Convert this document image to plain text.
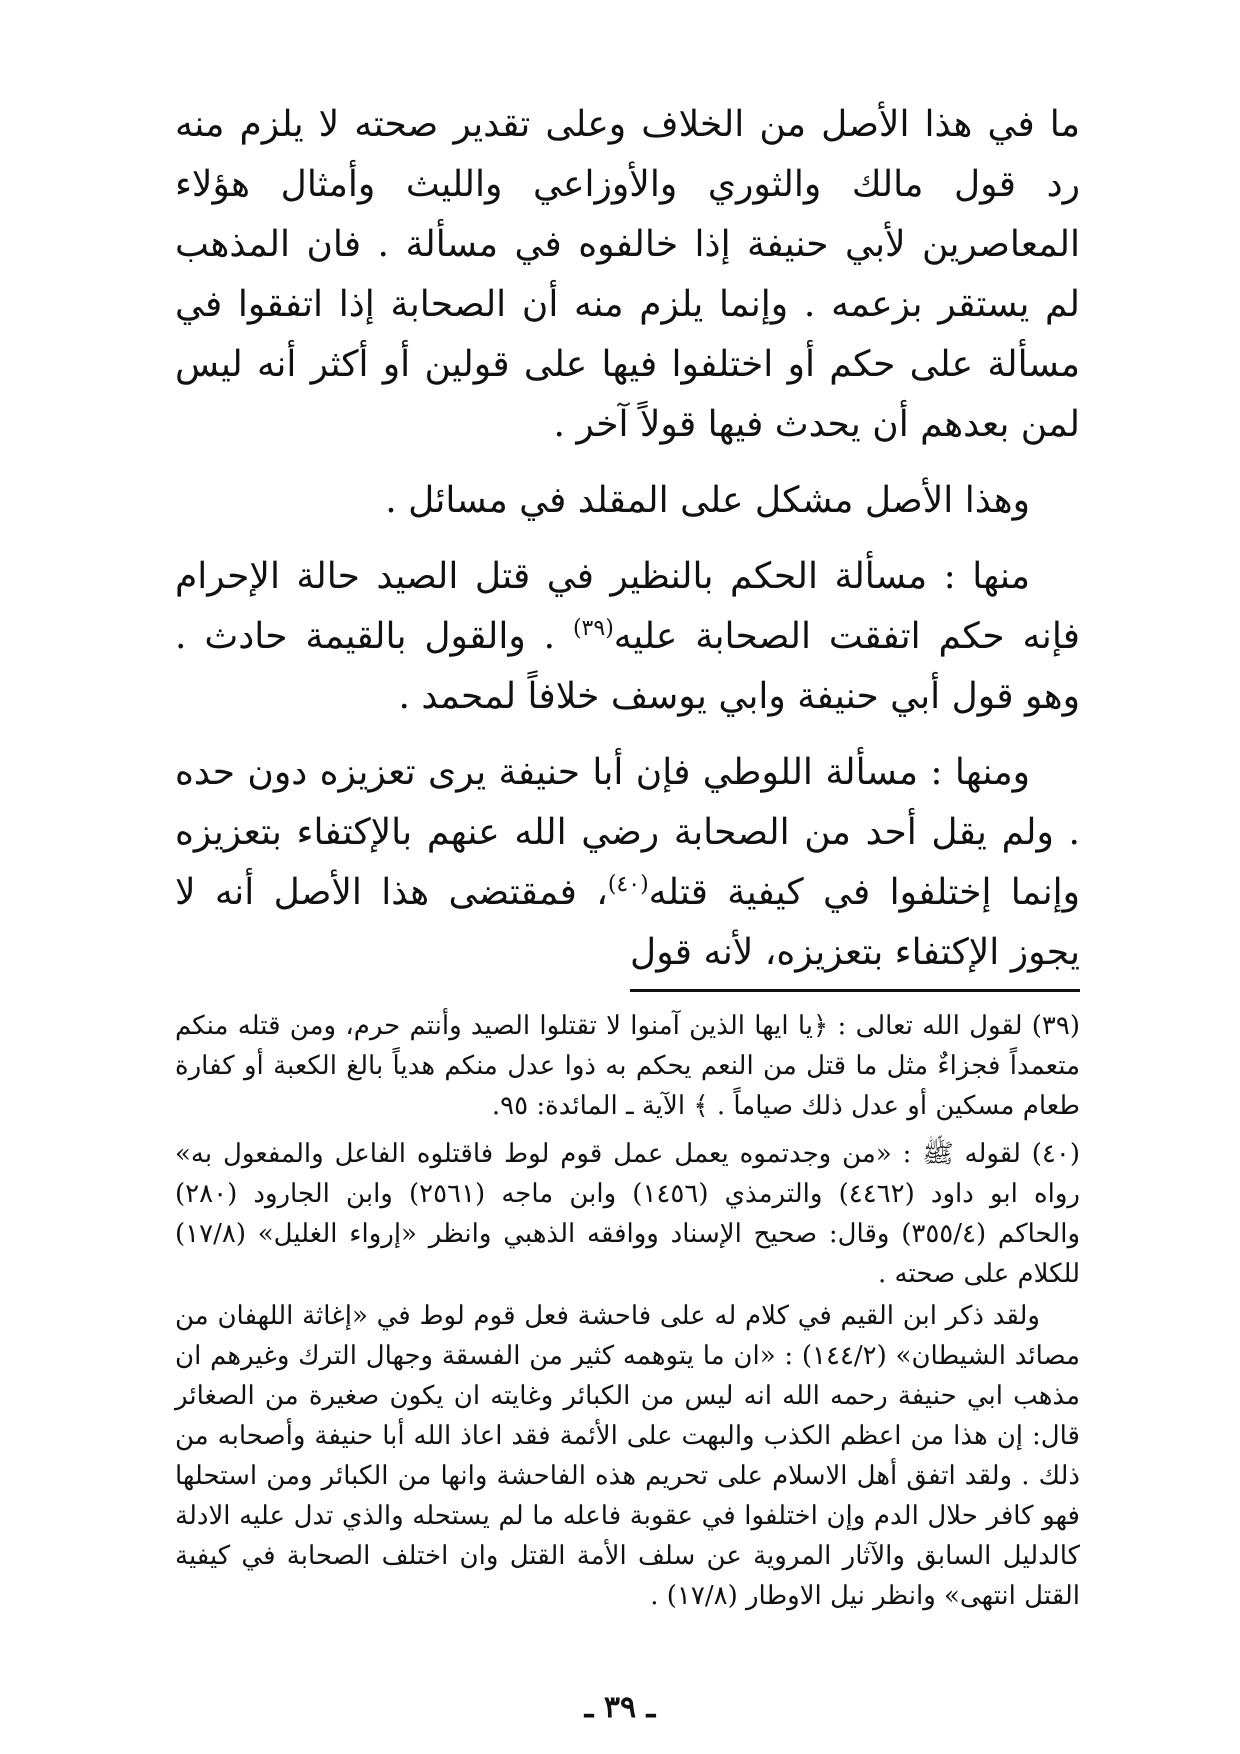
ما في هذا الأصل من الخلاف وعلى تقدير صحته لا يلزم منه رد قول مالك والثوري والأوزاعي والليث وأمثال هؤلاء المعاصرين لأبي حنيفة إذا خالفوه في مسألة . فان المذهب لم يستقر بزعمه . وإنما يلزم منه أن الصحابة إذا اتفقوا في مسألة على حكم أو اختلفوا فيها على قولين أو أكثر أنه ليس لمن بعدهم أن يحدث فيها قولاً آخر .

وهذا الأصل مشكل على المقلد في مسائل .

منها : مسألة الحكم بالنظير في قتل الصيد حالة الإحرام فإنه حكم اتفقت الصحابة عليه$^{(٣٩)}$ . والقول بالقيمة حادث . وهو قول أبي حنيفة وابي يوسف خلافاً لمحمد .

ومنها : مسألة اللوطي فإن أبا حنيفة يرى تعزيزه دون حده . ولم يقل أحد من الصحابة رضي الله عنهم بالإكتفاء بتعزيزه وإنما إختلفوا في كيفية قتله$^{(٤٠)}$، فمقتضى هذا الأصل أنه لا يجوز الإكتفاء بتعزيزه، لأنه قول

(٣٩) لقول الله تعالى : ﴿يا ايها الذين آمنوا لا تقتلوا الصيد وأنتم حرم، ومن قتله منكم متعمداً فجزاءٌ مثل ما قتل من النعم يحكم به ذوا عدل منكم هدياً بالغ الكعبة أو كفارة طعام مسكين أو عدل ذلك صياماً . ﴾ الآية ـ المائدة: ٩٥.

(٤٠) لقوله ﷺ : «من وجدتموه يعمل عمل قوم لوط فاقتلوه الفاعل والمفعول به» رواه ابو داود (٤٤٦٢) والترمذي (١٤٥٦) وابن ماجه (٢٥٦١) وابن الجارود (٢٨٠) والحاكم (٣٥٥/٤) وقال: صحيح الإسناد ووافقه الذهبي وانظر «إرواء الغليل» (١٧/٨) للكلام على صحته .

ولقد ذكر ابن القيم في كلام له على فاحشة فعل قوم لوط في «إغاثة اللهفان من مصائد الشيطان» (١٤٤/٢) : «ان ما يتوهمه كثير من الفسقة وجهال الترك وغيرهم ان مذهب ابي حنيفة رحمه الله انه ليس من الكبائر وغايته ان يكون صغيرة من الصغائر قال: إن هذا من اعظم الكذب والبهت على الأئمة فقد اعاذ الله أبا حنيفة وأصحابه من ذلك . ولقد اتفق أهل الاسلام على تحريم هذه الفاحشة وانها من الكبائر ومن استحلها فهو كافر حلال الدم وإن اختلفوا في عقوبة فاعله ما لم يستحله والذي تدل عليه الادلة كالدليل السابق والآثار المروية عن سلف الأمة القتل وان اختلف الصحابة في كيفية القتل انتهى» وانظر نيل الاوطار (١٧/٨) .

ـ ٣٩ ـ
